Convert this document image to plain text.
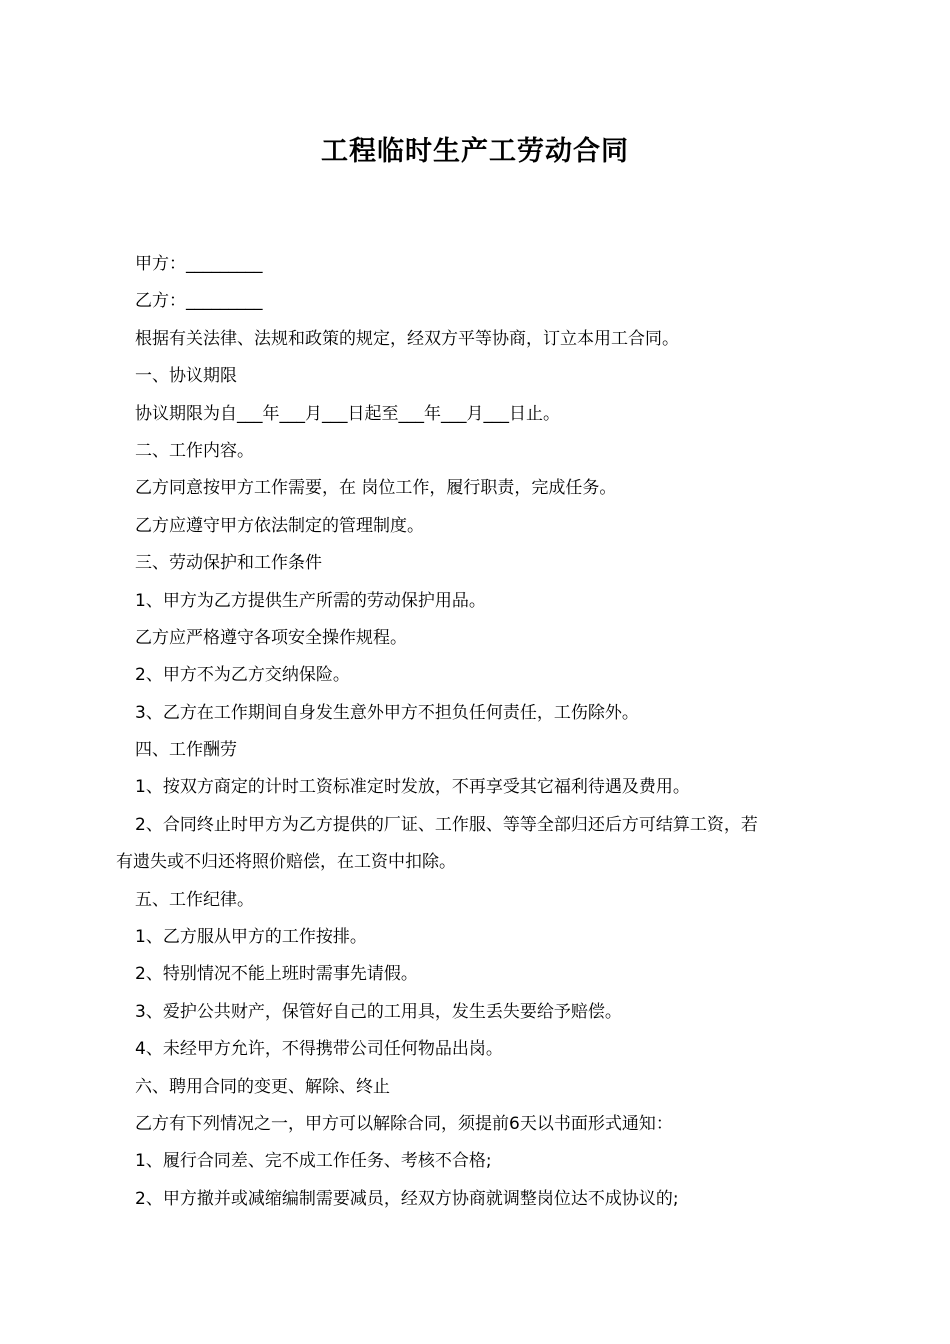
工程临时生产工劳动合同
甲方：_________
乙方：_________
根据有关法律、法规和政策的规定，经双方平等协商，订立本用工合同。
一、协议期限
协议期限为自___年___月___日起至___年___月___日止。
二、工作内容。
乙方同意按甲方工作需要，在 岗位工作，履行职责，完成任务。
乙方应遵守甲方依法制定的管理制度。
三、劳动保护和工作条件
1、甲方为乙方提供生产所需的劳动保护用品。
乙方应严格遵守各项安全操作规程。
2、甲方不为乙方交纳保险。
3、乙方在工作期间自身发生意外甲方不担负任何责任，工伤除外。
四、工作酬劳
1、按双方商定的计时工资标准定时发放，不再享受其它福利待遇及费用。
2、合同终止时甲方为乙方提供的厂证、工作服、等等全部归还后方可结算工资，若
有遗失或不归还将照价赔偿，在工资中扣除。
五、工作纪律。
1、乙方服从甲方的工作按排。
2、特别情况不能上班时需事先请假。
3、爱护公共财产，保管好自己的工用具，发生丢失要给予赔偿。
4、未经甲方允许，不得携带公司任何物品出岗。
六、聘用合同的变更、解除、终止
乙方有下列情况之一，甲方可以解除合同，须提前6天以书面形式通知：
1、履行合同差、完不成工作任务、考核不合格;
2、甲方撤并或减缩编制需要减员，经双方协商就调整岗位达不成协议的;
